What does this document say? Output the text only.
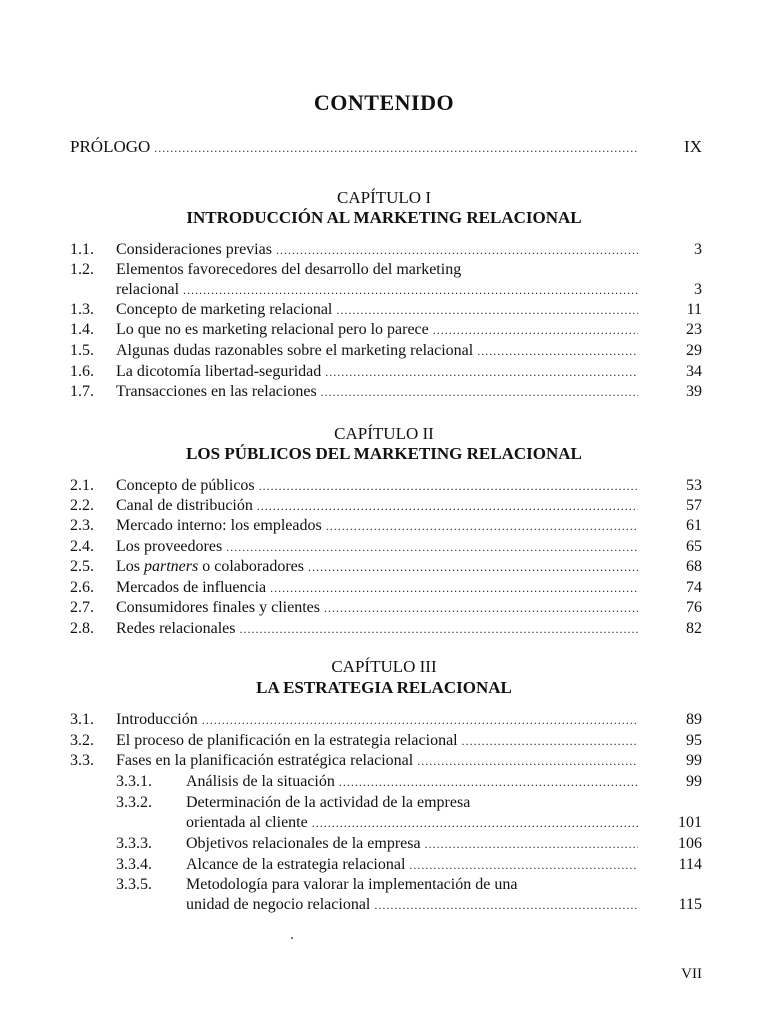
CONTENIDO
PRÓLOGO .....	IX
CAPÍTULO I
INTRODUCCIÓN AL MARKETING RELACIONAL
1.1.	Consideraciones previas .....	3
1.2.	Elementos favorecedores del desarrollo del marketing
relacional .....	3
1.3.	Concepto de marketing relacional .....	11
1.4.	Lo que no es marketing relacional pero lo parece .....	23
1.5.	Algunas dudas razonables sobre el marketing relacional .....	29
1.6.	La dicotomía libertad-seguridad .....	34
1.7.	Transacciones en las relaciones .....	39
CAPÍTULO II
LOS PÚBLICOS DEL MARKETING RELACIONAL
2.1.	Concepto de públicos .....	53
2.2.	Canal de distribución .....	57
2.3.	Mercado interno: los empleados .....	61
2.4.	Los proveedores .....	65
2.5.	Los partners o colaboradores .....	68
2.6.	Mercados de influencia .....	74
2.7.	Consumidores finales y clientes .....	76
2.8.	Redes relacionales .....	82
CAPÍTULO III
LA ESTRATEGIA RELACIONAL
3.1.	Introducción .....	89
3.2.	El proceso de planificación en la estrategia relacional .....	95
3.3.	Fases en la planificación estratégica relacional .....	99
3.3.1.	Análisis de la situación .....	99
3.3.2.	Determinación de la actividad de la empresa
orientada al cliente .....	101
3.3.3.	Objetivos relacionales de la empresa .....	106
3.3.4.	Alcance de la estrategia relacional .....	114
3.3.5.	Metodología para valorar la implementación de una
unidad de negocio relacional .....	115
VII
